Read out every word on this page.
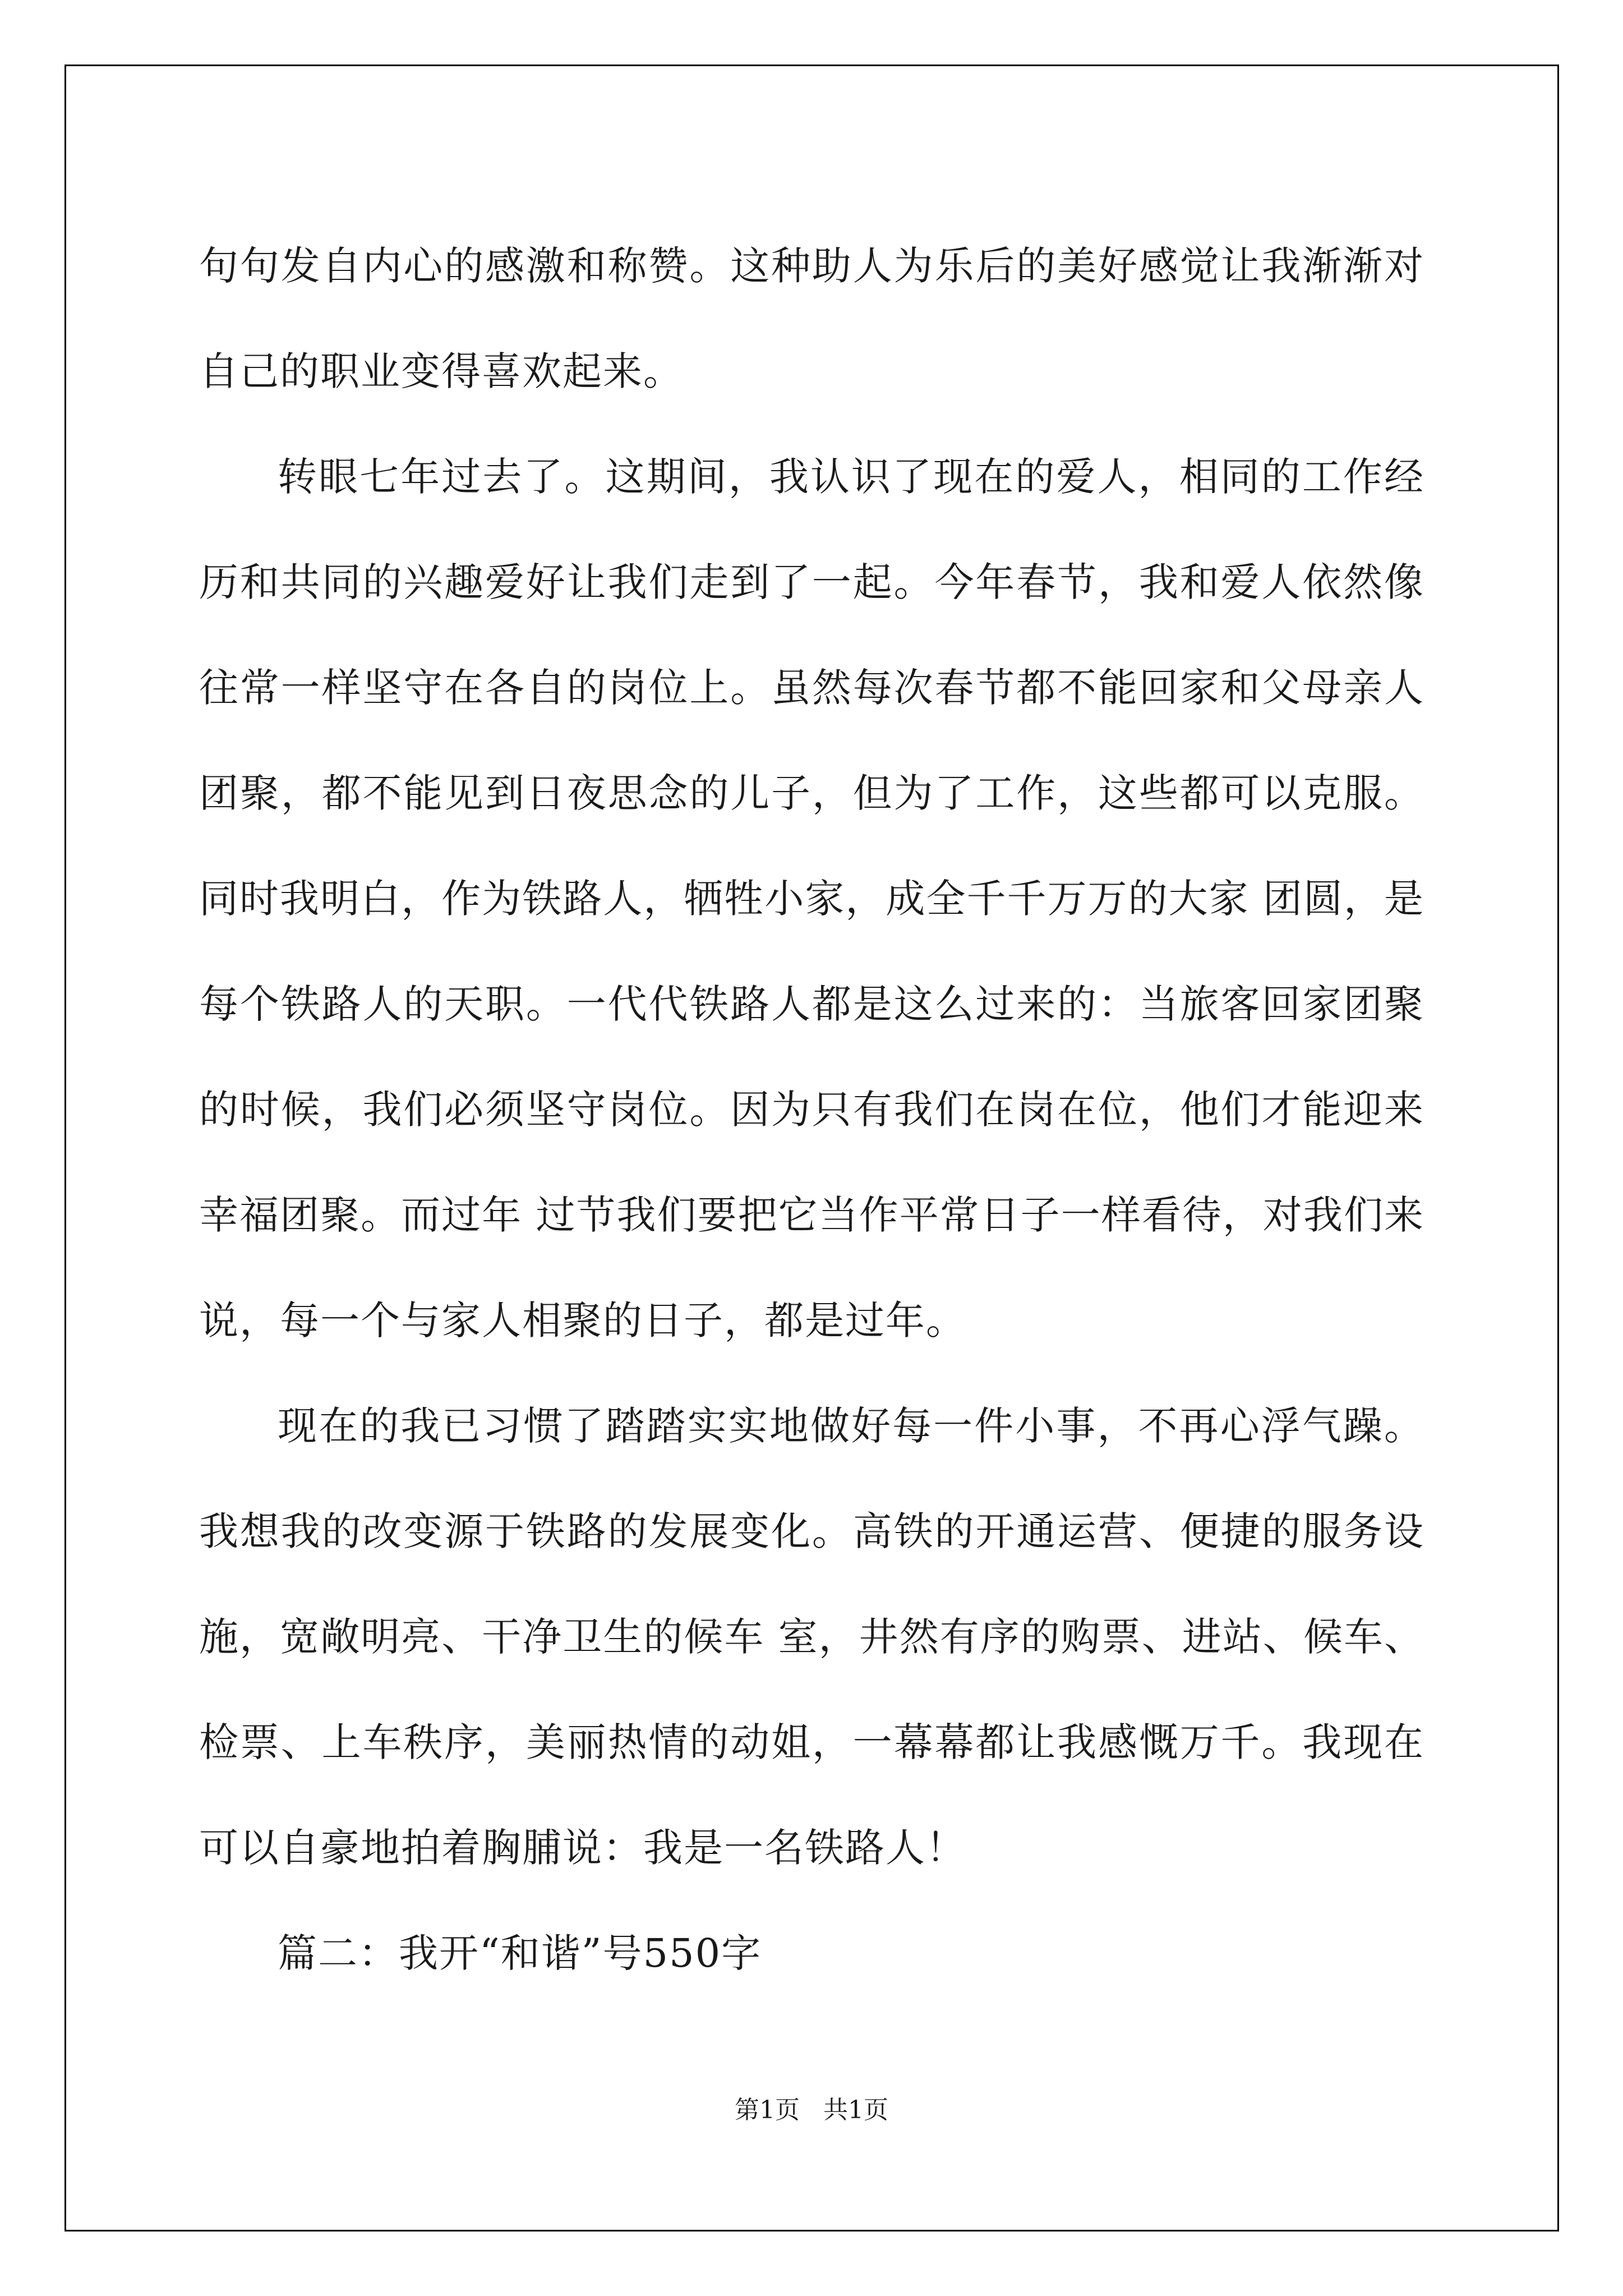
句句发自内心的感激和称赞。这种助人为乐后的美好感觉让我渐渐对自己的职业变得喜欢起来。

转眼七年过去了。这期间，我认识了现在的爱人，相同的工作经历和共同的兴趣爱好让我们走到了一起。今年春节，我和爱人依然像往常一样坚守在各自的岗位上。虽然每次春节都不能回家和父母亲人团聚，都不能见到日夜思念的儿子，但为了工作，这些都可以克服。同时我明白，作为铁路人，牺牲小家，成全千千万万的大家 团圆，是每个铁路人的天职。一代代铁路人都是这么过来的：当旅客回家团聚的时候，我们必须坚守岗位。因为只有我们在岗在位，他们才能迎来幸福团聚。而过年 过节我们要把它当作平常日子一样看待，对我们来说，每一个与家人相聚的日子，都是过年。

现在的我已习惯了踏踏实实地做好每一件小事，不再心浮气躁。我想我的改变源于铁路的发展变化。高铁的开通运营、便捷的服务设施，宽敞明亮、干净卫生的候车 室，井然有序的购票、进站、候车、检票、上车秩序，美丽热情的动姐，一幕幕都让我感慨万千。我现在可以自豪地拍着胸脯说：我是一名铁路人！

篇二：我开“和谐”号550字

第1页 共1页
